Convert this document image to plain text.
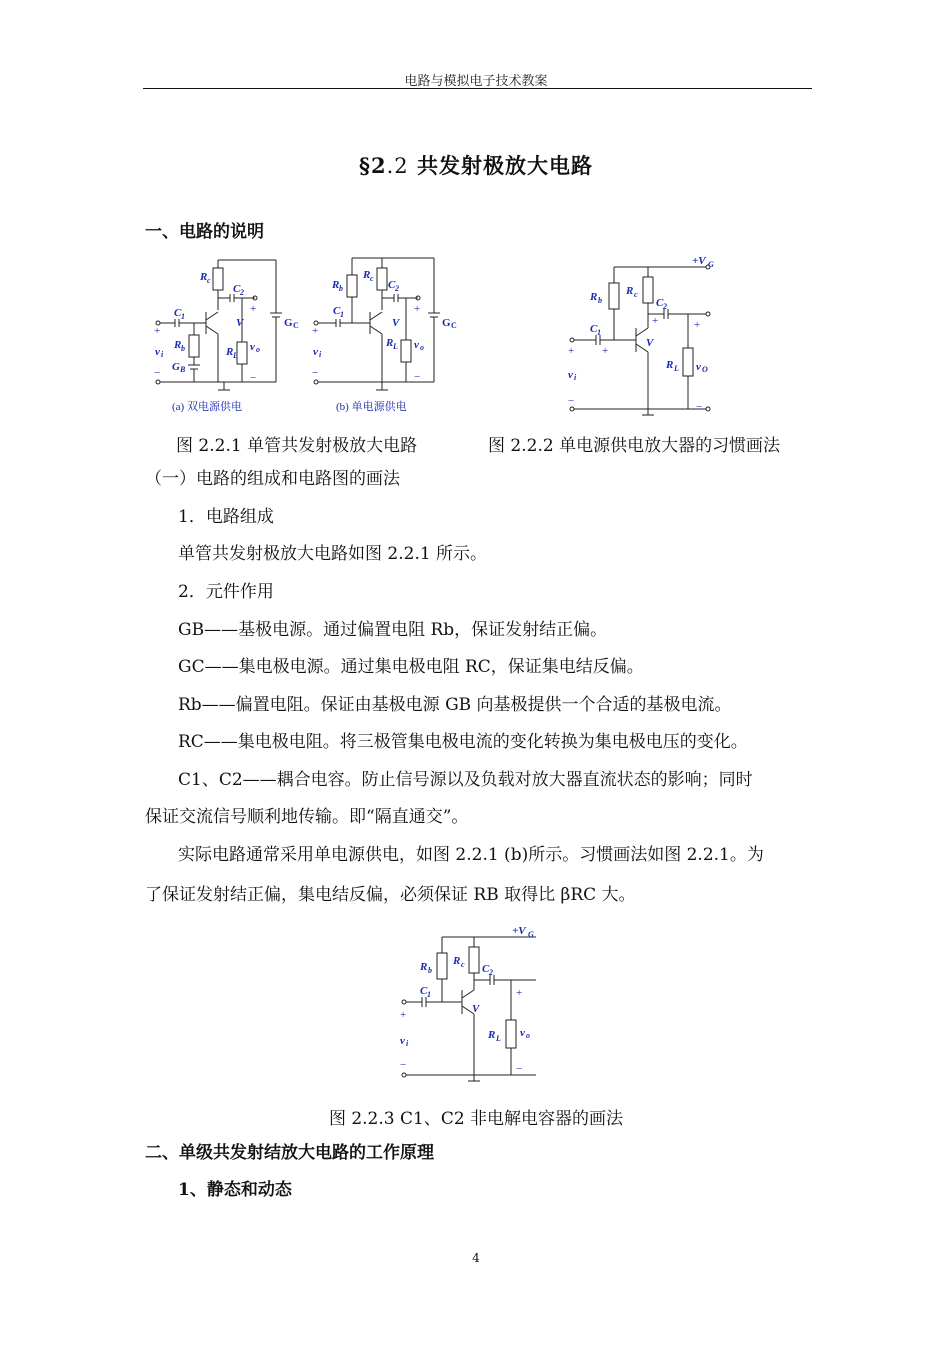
电路与模拟电子技术教案
§2.2 共发射极放大电路
一、电路的说明
R c
C 2
C 1
V
R L
v o
R b
G B
v i
G C
+
−
+
−
(a) 双电源供电
R b
R c
C 2
C 1
V
R L v o
v i
G C
+
−
+
−
(b) 单电源供电
+V G
R b
R c
C 2
C 1
V
R L v O
v i
+	+
+	+
−	−
图 2.2.1 单管共发射极放大电路	图 2.2.2 单电源供电放大器的习惯画法
（一）电路的组成和电路图的画法
1．电路组成
单管共发射极放大电路如图 2.2.1 所示。
2．元件作用
GB——基极电源。通过偏置电阻 Rb，保证发射结正偏。
GC——集电极电源。通过集电极电阻 RC，保证集电结反偏。
Rb——偏置电阻。保证由基极电源 GB 向基极提供一个合适的基极电流。
RC——集电极电阻。将三极管集电极电流的变化转换为集电极电压的变化。
C1、C2——耦合电容。防止信号源以及负载对放大器直流状态的影响；同时
保证交流信号顺利地传输。即“隔直通交”。
实际电路通常采用单电源供电，如图 2.2.1 (b)所示。习惯画法如图 2.2.1。为
了保证发射结正偏，集电结反偏，必须保证 RB 取得比 βRC 大。
+V G
R b
R c C 2
C 1
V
R L v o
v i
+
−
+
−
图 2.2.3 C1、C2 非电解电容器的画法
二、单级共发射结放大电路的工作原理
1、静态和动态
4
